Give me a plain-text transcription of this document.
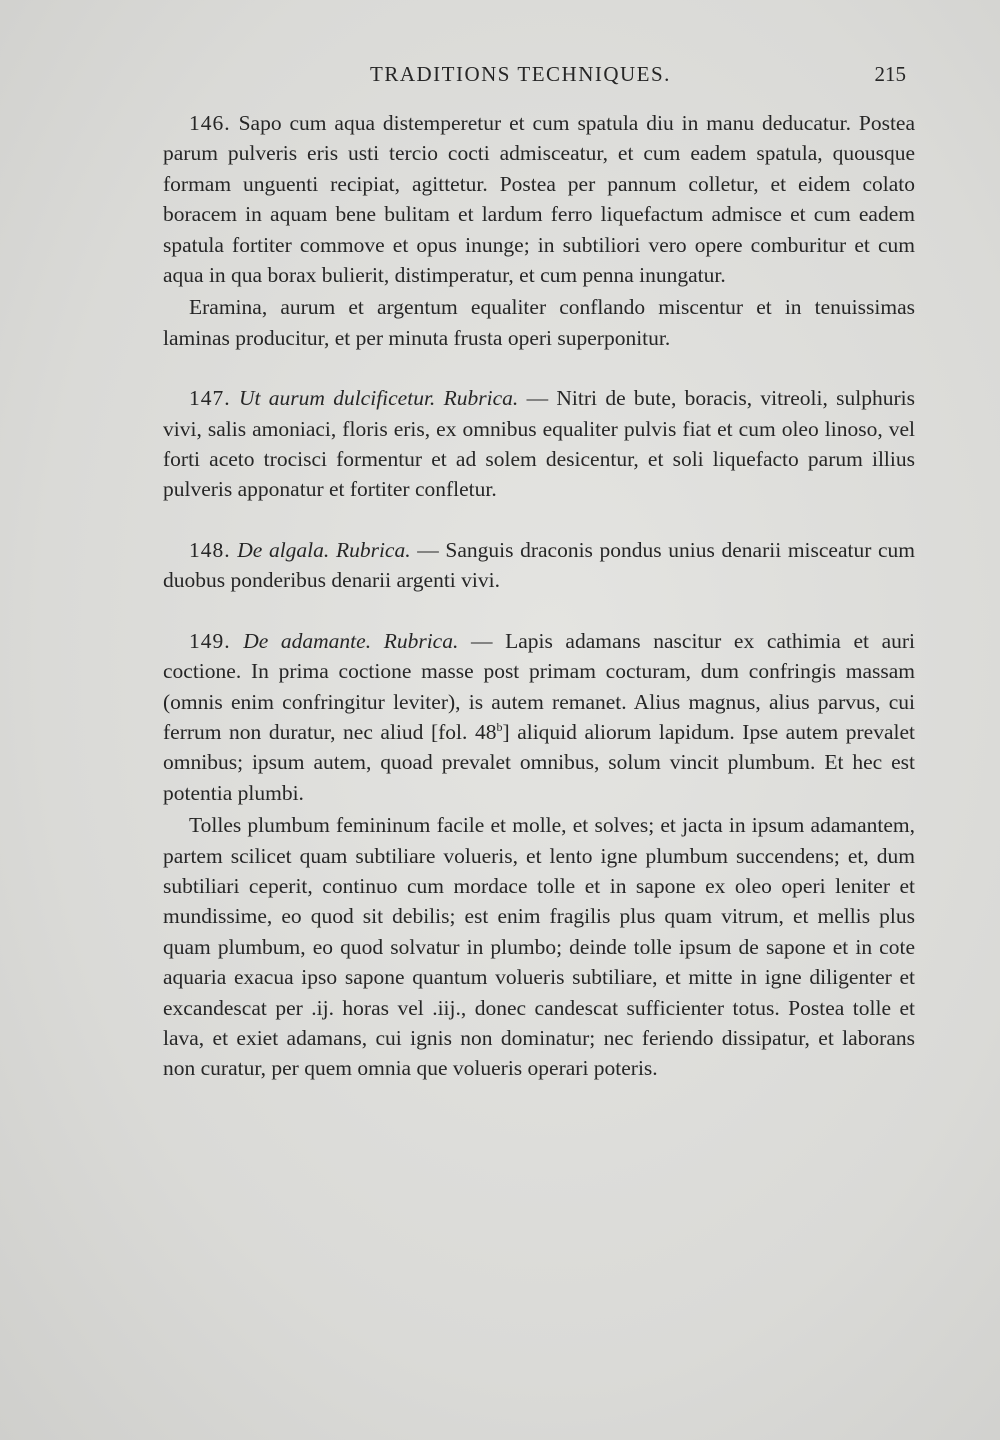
TRADITIONS TECHNIQUES.	215

146. Sapo cum aqua distemperetur et cum spatula diu in manu deducatur. Postea parum pulveris eris usti tercio cocti admisceatur, et cum eadem spatula, quousque formam unguenti recipiat, agittetur. Postea per pannum colletur, et eidem colato boracem in aquam bene bulitam et lardum ferro liquefactum admisce et cum eadem spatula fortiter commove et opus inunge; in subtiliori vero opere comburitur et cum aqua in qua borax bulierit, distimperatur, et cum penna inungatur.

Eramina, aurum et argentum equaliter conflando miscentur et in tenuissimas laminas producitur, et per minuta frusta operi superponitur.

147. Ut aurum dulcificetur. Rubrica. — Nitri de bute, boracis, vitreoli, sulphuris vivi, salis amoniaci, floris eris, ex omnibus equaliter pulvis fiat et cum oleo linoso, vel forti aceto trocisci formentur et ad solem desicentur, et soli liquefacto parum illius pulveris apponatur et fortiter confletur.

148. De algala. Rubrica. — Sanguis draconis pondus unius denarii misceatur cum duobus ponderibus denarii argenti vivi.

149. De adamante. Rubrica. — Lapis adamans nascitur ex cathimia et auri coctione. In prima coctione masse post primam cocturam, dum confringis massam (omnis enim confringitur leviter), is autem remanet. Alius magnus, alius parvus, cui ferrum non duratur, nec aliud [fol. 48$^b$] aliquid aliorum lapidum. Ipse autem prevalet omnibus; ipsum autem, quoad prevalet omnibus, solum vincit plumbum. Et hec est potentia plumbi.

Tolles plumbum femininum facile et molle, et solves; et jacta in ipsum adamantem, partem scilicet quam subtiliare volueris, et lento igne plumbum succendens; et, dum subtiliari ceperit, continuo cum mordace tolle et in sapone ex oleo operi leniter et mundissime, eo quod sit debilis; est enim fragilis plus quam vitrum, et mellis plus quam plumbum, eo quod solvatur in plumbo; deinde tolle ipsum de sapone et in cote aquaria exacua ipso sapone quantum volueris subtiliare, et mitte in igne diligenter et excandescat per .ij. horas vel .iij., donec candescat sufficienter totus. Postea tolle et lava, et exiet adamans, cui ignis non dominatur; nec feriendo dissipatur, et laborans non curatur, per quem omnia que volueris operari poteris.
